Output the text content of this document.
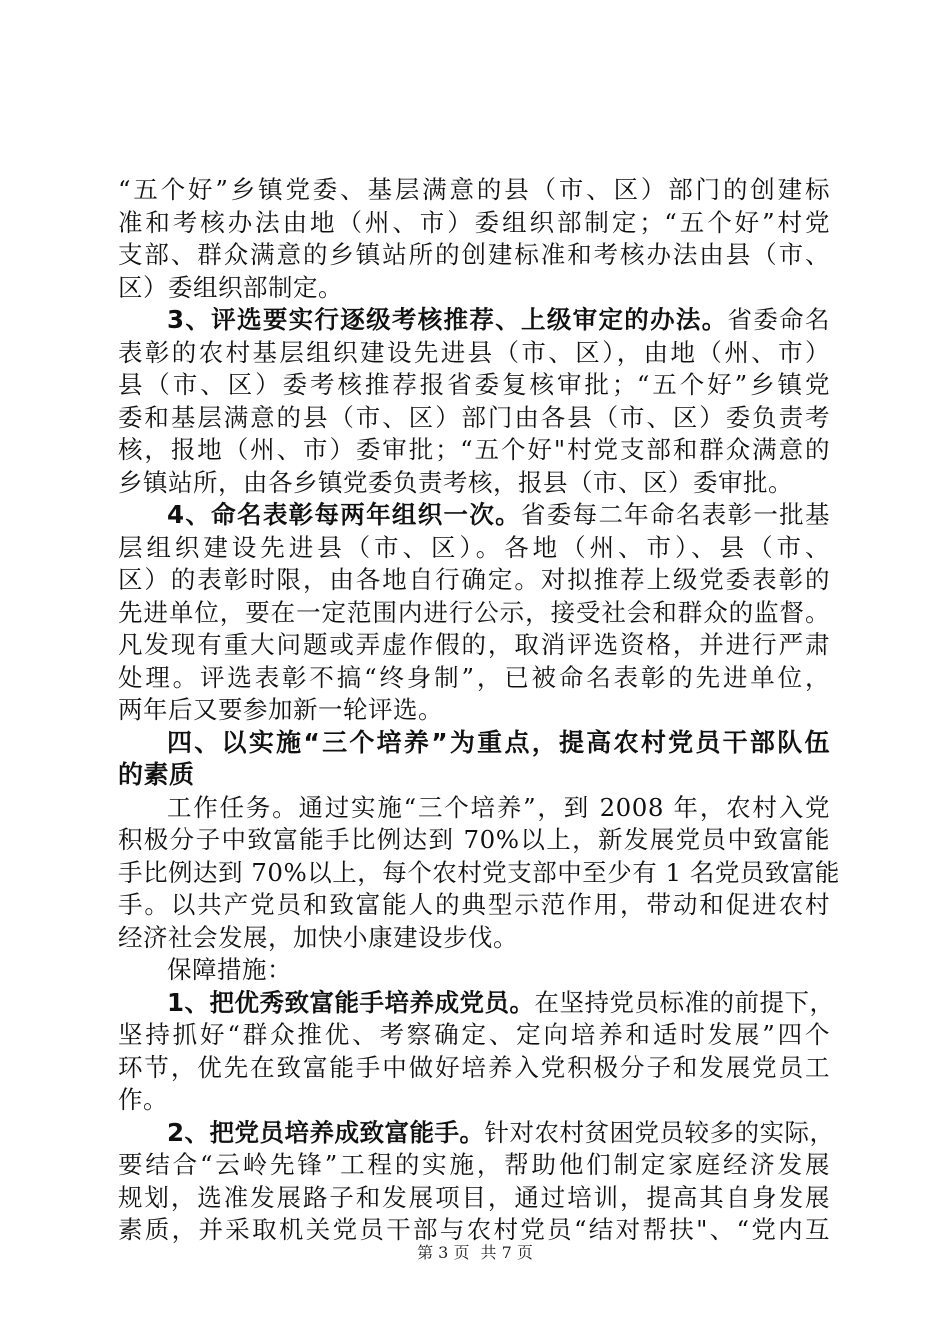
“五个好”乡镇党委、基层满意的县（市、区）部门的创建标
准和考核办法由地（州、市）委组织部制定；“五个好”村党
支部、群众满意的乡镇站所的创建标准和考核办法由县（市、
区）委组织部制定。
3、评选要实行逐级考核推荐、上级审定的办法。省委命名
表彰的农村基层组织建设先进县（市、区），由地（州、市）
县（市、区）委考核推荐报省委复核审批；“五个好”乡镇党
委和基层满意的县（市、区）部门由各县（市、区）委负责考
核，报地（州、市）委审批；“五个好"村党支部和群众满意的
乡镇站所，由各乡镇党委负责考核，报县（市、区）委审批。
4、命名表彰每两年组织一次。省委每二年命名表彰一批基
层组织建设先进县（市、区）。各地（州、市）、县（市、
区）的表彰时限，由各地自行确定。对拟推荐上级党委表彰的
先进单位，要在一定范围内进行公示，接受社会和群众的监督。
凡发现有重大问题或弄虚作假的，取消评选资格，并进行严肃
处理。评选表彰不搞“终身制”，已被命名表彰的先进单位，
两年后又要参加新一轮评选。
四、以实施“三个培养”为重点，提高农村党员干部队伍
的素质
工作任务。通过实施“三个培养”，到 2008 年，农村入党
积极分子中致富能手比例达到 70%以上，新发展党员中致富能
手比例达到 70%以上，每个农村党支部中至少有 1 名党员致富能
手。以共产党员和致富能人的典型示范作用，带动和促进农村
经济社会发展，加快小康建设步伐。
保障措施：
1、把优秀致富能手培养成党员。在坚持党员标准的前提下，
坚持抓好“群众推优、考察确定、定向培养和适时发展”四个
环节，优先在致富能手中做好培养入党积极分子和发展党员工
作。
2、把党员培养成致富能手。针对农村贫困党员较多的实际，
要结合“云岭先锋”工程的实施，帮助他们制定家庭经济发展
规划，选准发展路子和发展项目，通过培训，提高其自身发展
素质，并采取机关党员干部与农村党员“结对帮扶"、“党内互
第 3 页 共 7 页
